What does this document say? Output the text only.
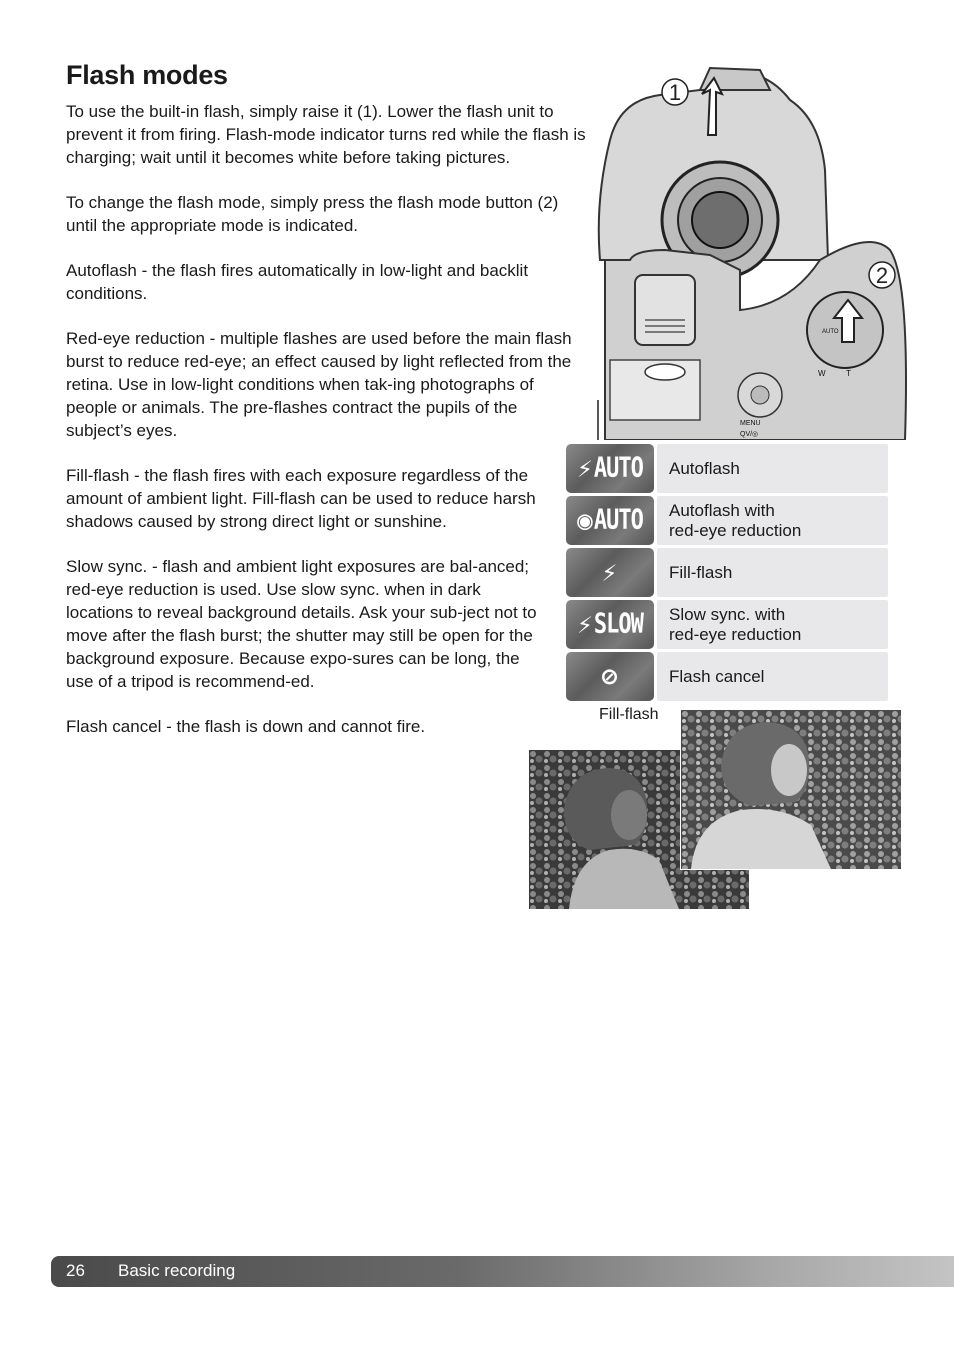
Flash modes

To use the built-in flash, simply raise it (1). Lower the flash unit to prevent it from firing. Flash-mode indicator turns red while the flash is charging; wait until it becomes white before taking pictures.

To change the flash mode, simply press the flash mode button (2) until the appropriate mode is indicated.

Autoflash - the flash fires automatically in low-light and backlit conditions.

Red-eye reduction - multiple flashes are used before the main flash burst to reduce red-eye; an effect caused by light reflected from the retina. Use in low-light conditions when tak-ing photographs of people or animals. The pre-flashes contract the pupils of the subject’s eyes.

Fill-flash - the flash fires with each exposure regardless of the amount of ambient light. Fill-flash can be used to reduce harsh shadows caused by strong direct light or sunshine.

Slow sync. - flash and ambient light exposures are bal-anced; red-eye reduction is used. Use slow sync. when in dark locations to reveal background details. Ask your sub-ject not to move after the flash burst; the shutter may still be open for the background exposure. Because expo-sures can be long, the use of a tripod is recommend-ed.

Flash cancel - the flash is down and cannot fire.

1
AUTO
2
W	T
MENU
QV/◎
⚡ AUTO	Autoflash
◉ AUTO	Autoflash with
red-eye reduction
⚡	Fill-flash
⚡ SLOW	Slow sync. with
red-eye reduction
⊘	Flash cancel
Fill-flash
26 Basic recording
